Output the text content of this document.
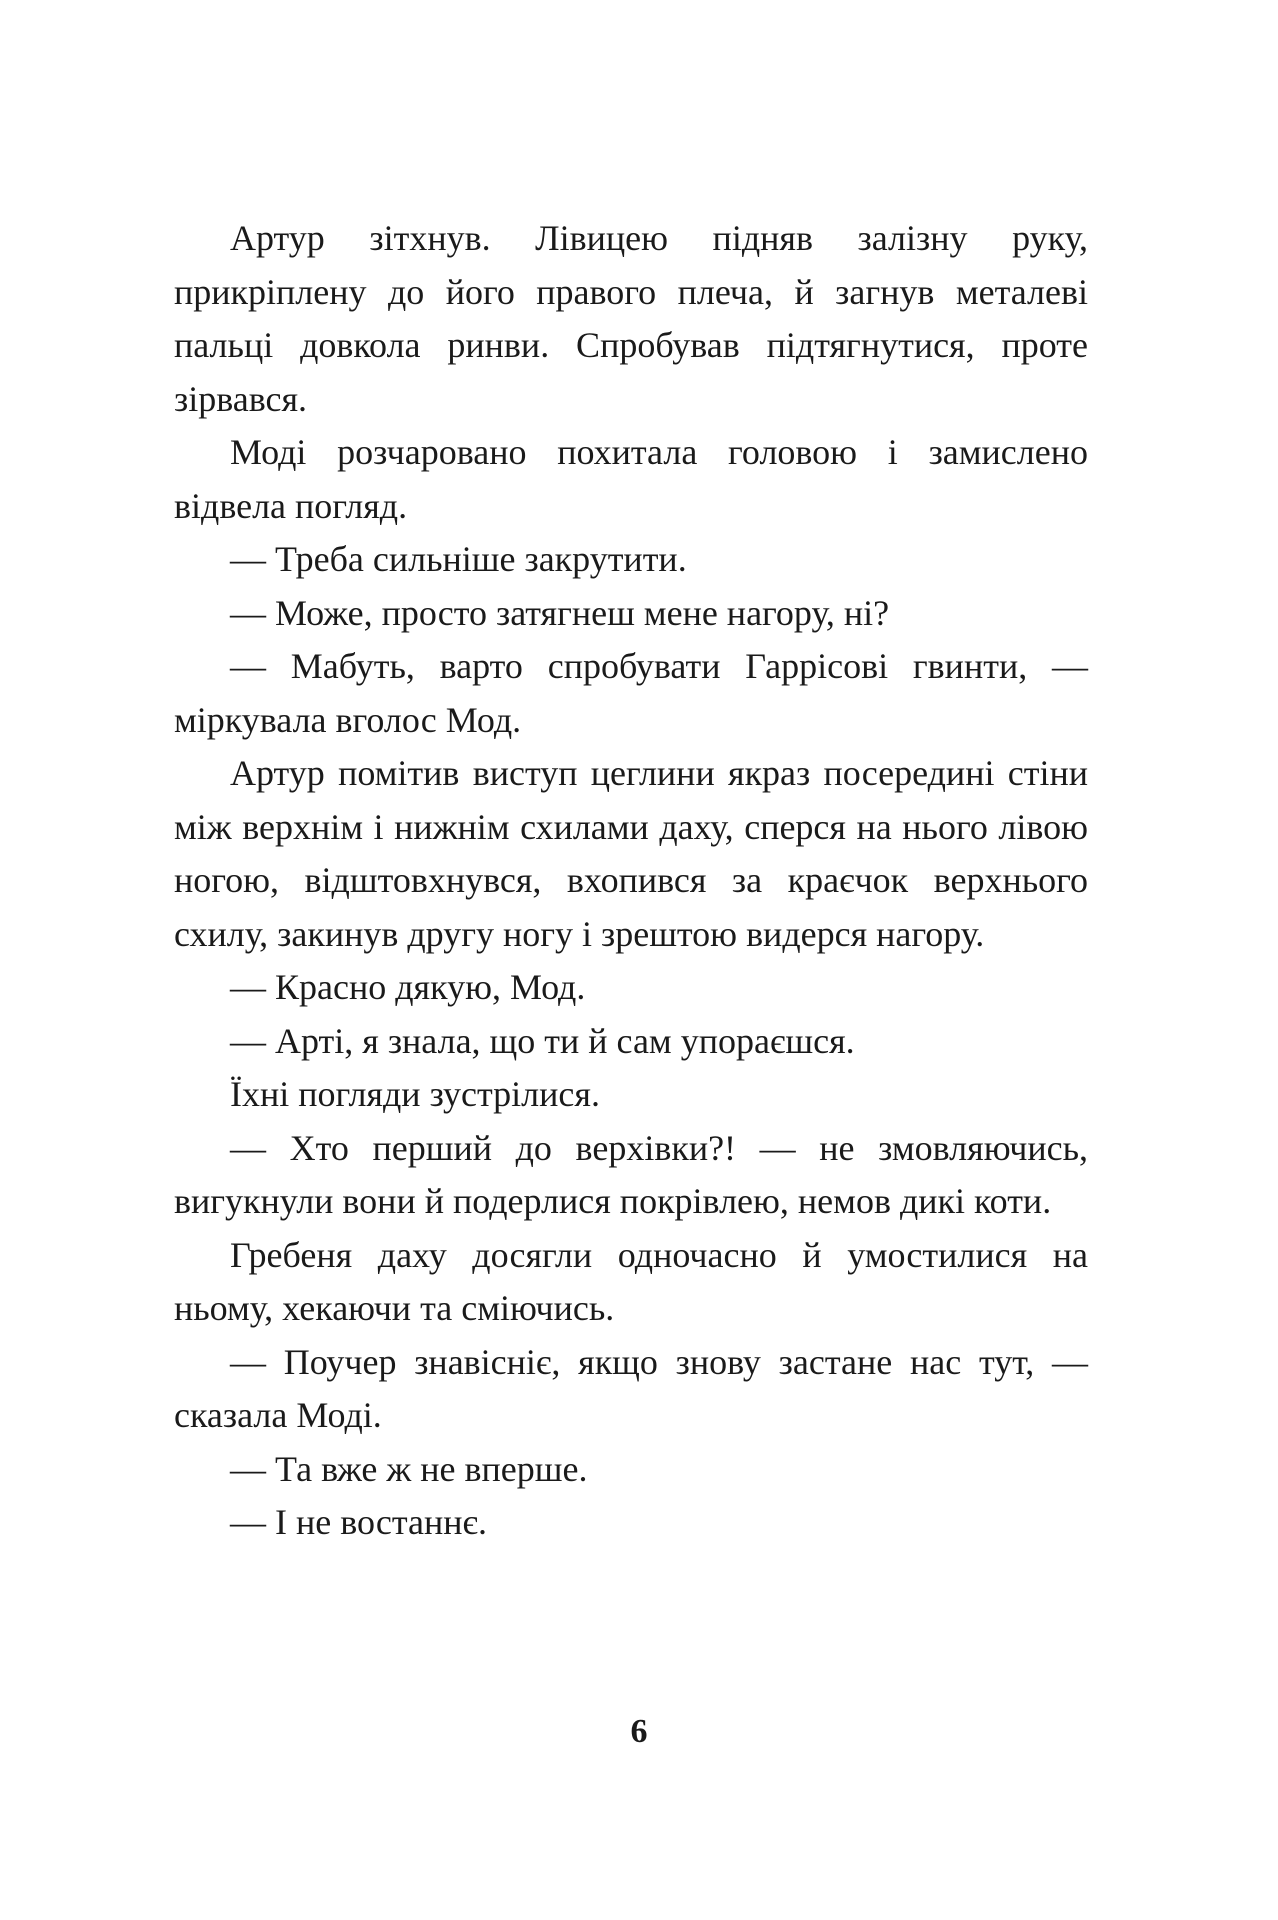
Артур зітхнув. Лівицею підняв залізну руку, прикріплену до його правого плеча, й загнув металеві пальці довкола ринви. Спробував підтягнутися, проте зірвався.

Моді розчаровано похитала головою і замислено відвела погляд.

— Треба сильніше закрутити.

— Може, просто затягнеш мене нагору, ні?

— Мабуть, варто спробувати Гаррісові гвинти, — міркувала вголос Мод.

Артур помітив виступ цеглини якраз посередині стіни між верхнім і нижнім схилами даху, сперся на нього лівою ногою, відштовхнувся, вхопився за краєчок верхнього схилу, закинув другу ногу і зрештою видерся нагору.

— Красно дякую, Мод.

— Арті, я знала, що ти й сам упораєшся.

Їхні погляди зустрілися.

— Хто перший до верхівки?! — не змовляючись, вигукнули вони й подерлися покрівлею, немов дикі коти.

Гребеня даху досягли одночасно й умостилися на ньому, хекаючи та сміючись.

— Поучер знавісніє, якщо знову застане нас тут, — сказала Моді.

— Та вже ж не вперше.

— І не востаннє.

6
